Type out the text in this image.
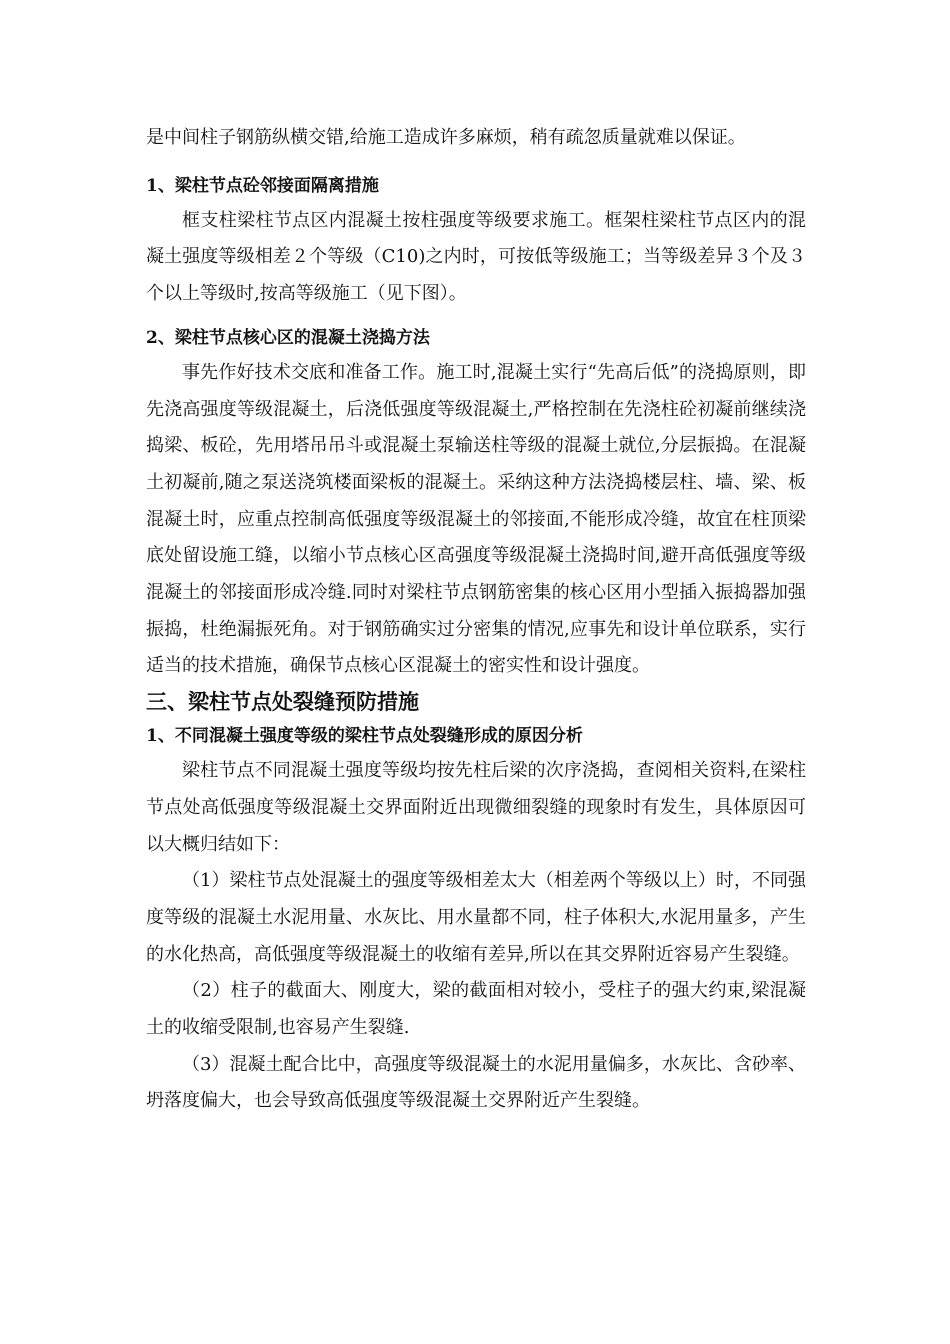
是中间柱子钢筋纵横交错,给施工造成许多麻烦，稍有疏忽质量就难以保证。

1、梁柱节点砼邻接面隔离措施

框支柱梁柱节点区内混凝土按柱强度等级要求施工。框架柱梁柱节点区内的混凝土强度等级相差２个等级（C10)之内时，可按低等级施工；当等级差异３个及３个以上等级时,按高等级施工（见下图）。

2、梁柱节点核心区的混凝土浇捣方法

事先作好技术交底和准备工作。施工时,混凝土实行“先高后低”的浇捣原则，即先浇高强度等级混凝土，后浇低强度等级混凝土,严格控制在先浇柱砼初凝前继续浇捣梁、板砼，先用塔吊吊斗或混凝土泵输送柱等级的混凝土就位,分层振捣。在混凝土初凝前,随之泵送浇筑楼面梁板的混凝土。采纳这种方法浇捣楼层柱、墙、梁、板混凝土时，应重点控制高低强度等级混凝土的邻接面,不能形成冷缝，故宜在柱顶梁底处留设施工缝，以缩小节点核心区高强度等级混凝土浇捣时间,避开高低强度等级混凝土的邻接面形成冷缝.同时对梁柱节点钢筋密集的核心区用小型插入振捣器加强振捣，杜绝漏振死角。对于钢筋确实过分密集的情况,应事先和设计单位联系，实行适当的技术措施，确保节点核心区混凝土的密实性和设计强度。

三、梁柱节点处裂缝预防措施
1、不同混凝土强度等级的梁柱节点处裂缝形成的原因分析

梁柱节点不同混凝土强度等级均按先柱后梁的次序浇捣，查阅相关资料,在梁柱节点处高低强度等级混凝土交界面附近出现微细裂缝的现象时有发生，具体原因可以大概归结如下：

（1）梁柱节点处混凝土的强度等级相差太大（相差两个等级以上）时，不同强度等级的混凝土水泥用量、水灰比、用水量都不同，柱子体积大,水泥用量多，产生的水化热高，高低强度等级混凝土的收缩有差异,所以在其交界附近容易产生裂缝。

（2）柱子的截面大、刚度大，梁的截面相对较小，受柱子的强大约束,梁混凝土的收缩受限制,也容易产生裂缝.

（3）混凝土配合比中，高强度等级混凝土的水泥用量偏多，水灰比、含砂率、坍落度偏大，也会导致高低强度等级混凝土交界附近产生裂缝。
